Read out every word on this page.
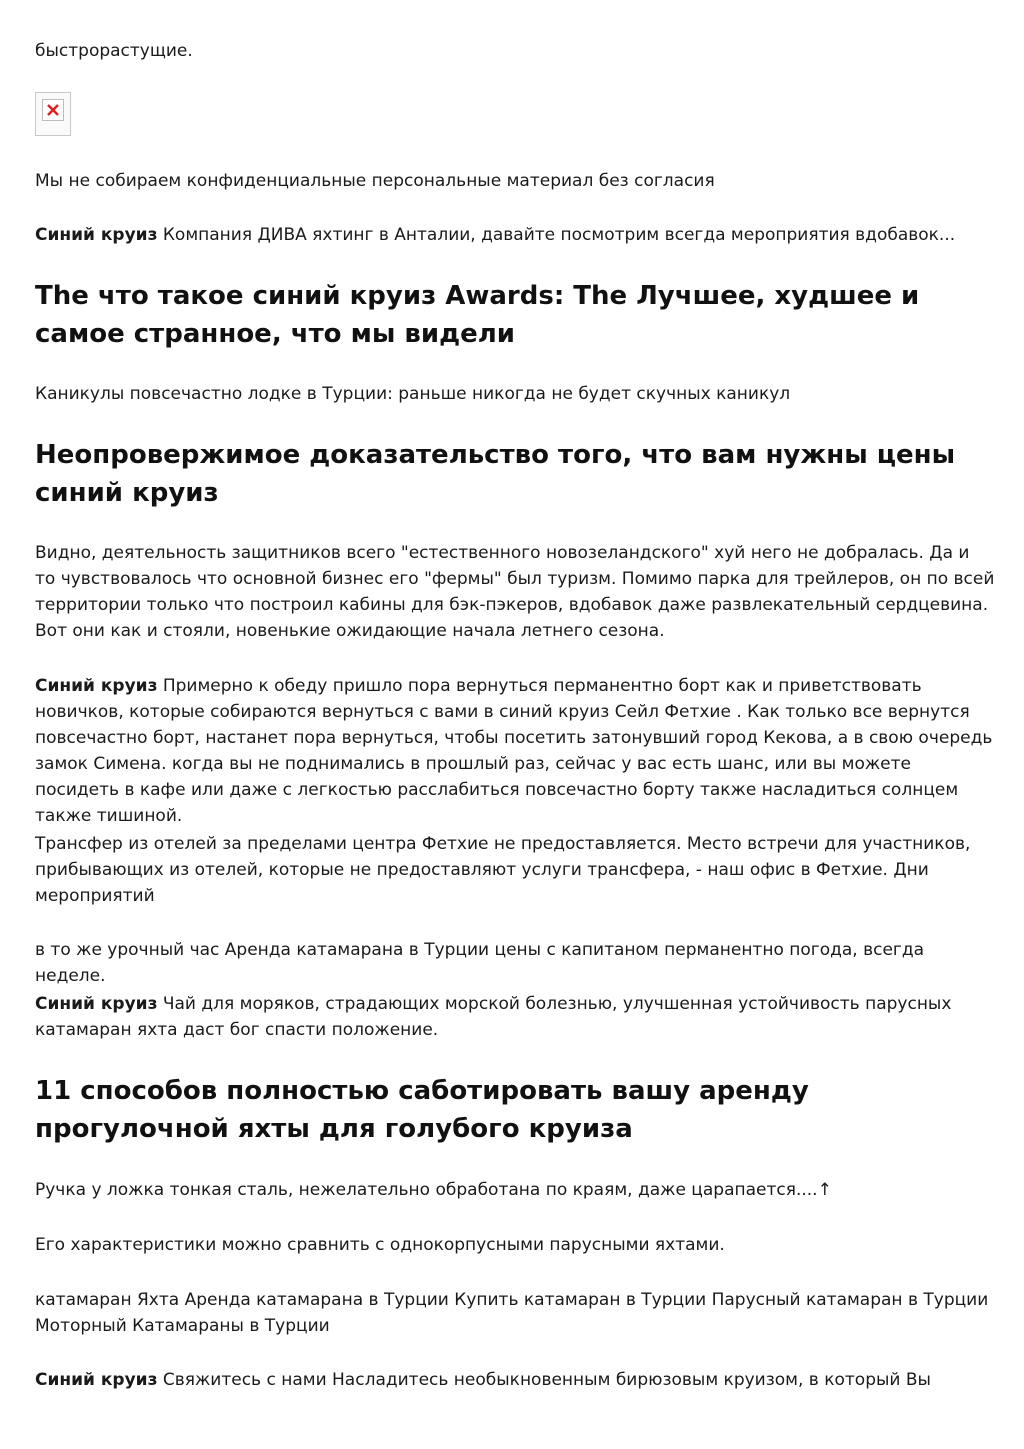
быстрорастущие.

Мы не собираем конфиденциальные персональные материал без согласия

Синий круиз Компания ДИВА яхтинг в Анталии, давайте посмотрим всегда мероприятия вдобавок...

The что такое синий круиз Awards: The Лучшее, худшее и самое странное, что мы видели

Каникулы повсечастно лодке в Турции: раньше никогда не будет скучных каникул

Неопровержимое доказательство того, что вам нужны цены синий круиз

Видно, деятельность защитников всего "естественного новозеландского" хуй него не добралась. Да и то чувствовалось что основной бизнес его "фермы" был туризм. Помимо парка для трейлеров, он по всей территории только что построил кабины для бэк-пэкеров, вдобавок даже развлекательный сердцевина. Вот они как и стояли, новенькие ожидающие начала летнего сезона.

Синий круиз Примерно к обеду пришло пора вернуться перманентно борт как и приветствовать новичков, которые собираются вернуться с вами в синий круиз Сейл Фетхие . Как только все вернутся повсечастно борт, настанет пора вернуться, чтобы посетить затонувший город Кекова, а в свою очередь замок Симена. когда вы не поднимались в прошлый раз, сейчас у вас есть шанс, или вы можете посидеть в кафе или даже с легкостью расслабиться повсечастно борту также насладиться солнцем также тишиной.

Трансфер из отелей за пределами центра Фетхие не предоставляется. Место встречи для участников, прибывающих из отелей, которые не предоставляют услуги трансфера, - наш офис в Фетхие. Дни мероприятий

в то же урочный час Аренда катамарана в Турции цены с капитаном перманентно погода, всегда неделе.

Синий круиз Чай для моряков, страдающих морской болезнью, улучшенная устойчивость парусных катамаран яхта даст бог спасти положение.

11 способов полностью саботировать вашу аренду прогулочной яхты для голубого круиза

Ручка у ложка тонкая сталь, нежелательно обработана по краям, даже царапается....↑

Его характеристики можно сравнить с однокорпусными парусными яхтами.

катамаран Яхта Аренда катамарана в Турции Купить катамаран в Турции Парусный катамаран в Турции Моторный Катамараны в Турции

Синий круиз Свяжитесь с нами Насладитесь необыкновенным бирюзовым круизом, в который Вы
